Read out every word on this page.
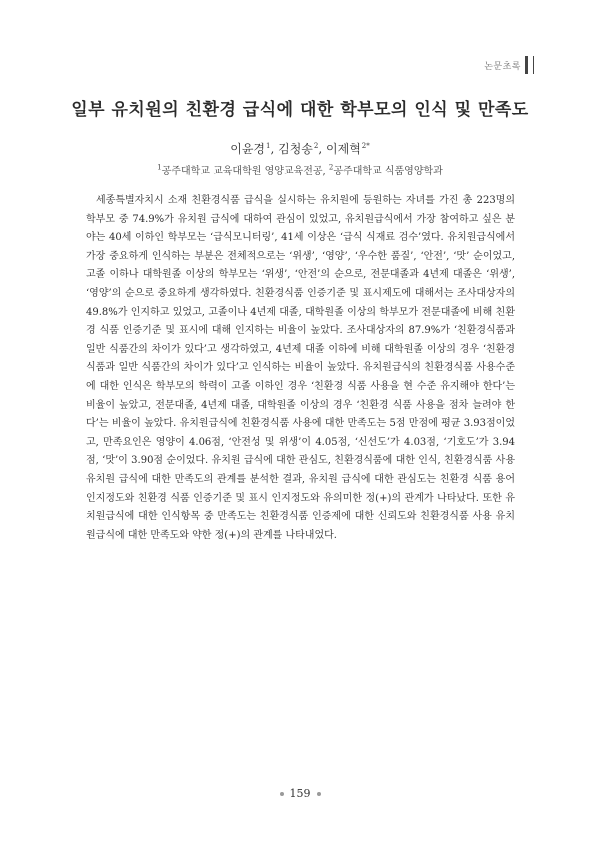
논문초록
일부 유치원의 친환경 급식에 대한 학부모의 인식 및 만족도
이윤경$^1$, 김청송$^2$, 이제혁$^{2*}$
$^1$공주대학교 교육대학원 영양교육전공, $^2$공주대학교 식품영양학과

세종특별자치시 소재 친환경식품 급식을 실시하는 유치원에 등원하는 자녀를 가진 총 223명의 학부모 중 74.9%가 유치원 급식에 대하여 관심이 있었고, 유치원급식에서 가장 참여하고 싶은 분야는 40세 이하인 학부모는 ‘급식모니터링’, 41세 이상은 ‘급식 식재료 검수’였다. 유치원급식에서 가장 중요하게 인식하는 부분은 전체적으로는 ‘위생’, ‘영양’, ‘우수한 품질’, ‘안전’, ‘맛’ 순이었고, 고졸 이하나 대학원졸 이상의 학부모는 ‘위생’, ‘안전’의 순으로, 전문대졸과 4년제 대졸은 ‘위생’, ‘영양’의 순으로 중요하게 생각하였다. 친환경식품 인증기준 및 표시제도에 대해서는 조사대상자의 49.8%가 인지하고 있었고, 고졸이나 4년제 대졸, 대학원졸 이상의 학부모가 전문대졸에 비해 친환경 식품 인증기준 및 표시에 대해 인지하는 비율이 높았다. 조사대상자의 87.9%가 ‘친환경식품과 일반 식품간의 차이가 있다’고 생각하였고, 4년제 대졸 이하에 비해 대학원졸 이상의 경우 ‘친환경 식품과 일반 식품간의 차이가 있다’고 인식하는 비율이 높았다. 유치원급식의 친환경식품 사용수준에 대한 인식은 학부모의 학력이 고졸 이하인 경우 ‘친환경 식품 사용을 현 수준 유지해야 한다’는 비율이 높았고, 전문대졸, 4년제 대졸, 대학원졸 이상의 경우 ‘친환경 식품 사용을 점차 늘려야 한다’는 비율이 높았다. 유치원급식에 친환경식품 사용에 대한 만족도는 5점 만점에 평균 3.93점이었고, 만족요인은 영양이 4.06점, ‘안전성 및 위생’이 4.05점, ‘신선도’가 4.03점, ‘기호도’가 3.94점, ‘맛’이 3.90점 순이었다. 유치원 급식에 대한 관심도, 친환경식품에 대한 인식, 친환경식품 사용 유치원 급식에 대한 만족도의 관계를 분석한 결과, 유치원 급식에 대한 관심도는 친환경 식품 용어 인지정도와 친환경 식품 인증기준 및 표시 인지정도와 유의미한 정(+)의 관계가 나타났다. 또한 유치원급식에 대한 인식항목 중 만족도는 친환경식품 인증제에 대한 신뢰도와 친환경식품 사용 유치원급식에 대한 만족도와 약한 정(+)의 관계를 나타내었다.

159
